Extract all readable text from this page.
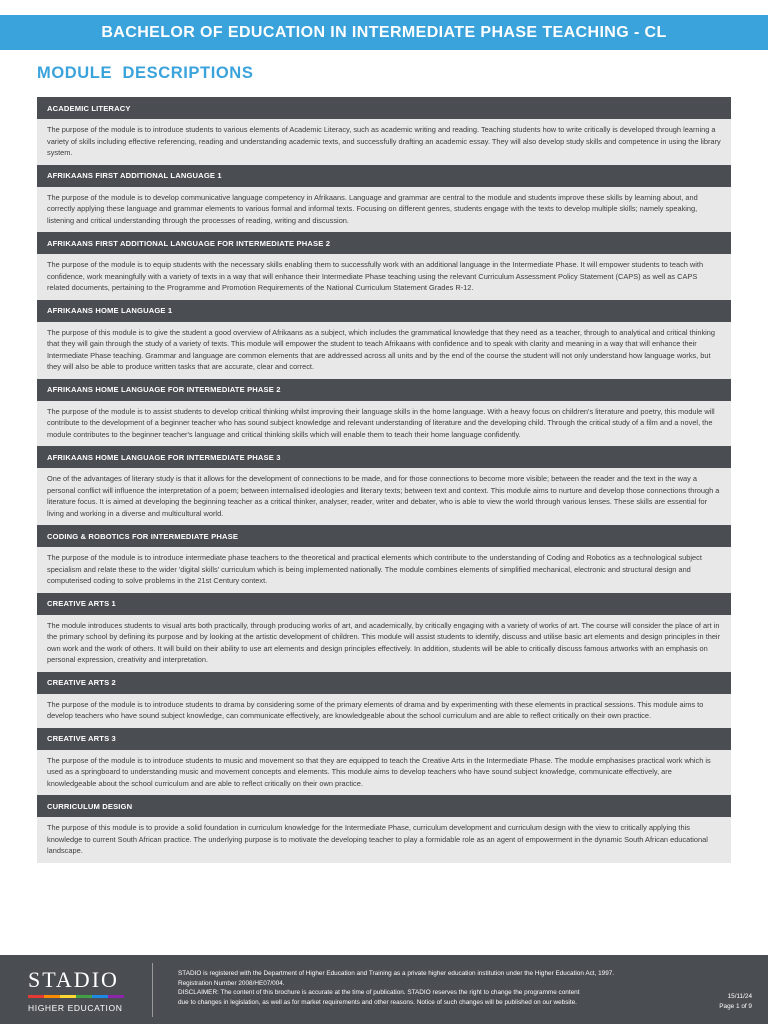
BACHELOR OF EDUCATION IN INTERMEDIATE PHASE TEACHING - CL
MODULE  DESCRIPTIONS
ACADEMIC LITERACY
The purpose of the module is to introduce students to various elements of Academic Literacy, such as academic writing and reading. Teaching students how to write critically is developed through learning a variety of skills including effective referencing, reading and understanding academic texts, and successfully drafting an academic essay. They will also develop study skills and competence in using the library system.
AFRIKAANS FIRST ADDITIONAL LANGUAGE 1
The purpose of the module is to develop communicative language competency in Afrikaans. Language and grammar are central to the module and students improve these skills by learning about, and correctly applying these language and grammar elements to various formal and informal texts. Focusing on different genres, students engage with the texts to develop multiple skills; namely speaking, listening and critical understanding through the processes of reading, writing and discussion.
AFRIKAANS FIRST ADDITIONAL LANGUAGE FOR INTERMEDIATE PHASE 2
The purpose of the module is to equip students with the necessary skills enabling them to successfully work with an additional language in the Intermediate Phase. It will empower students to teach with confidence, work meaningfully with a variety of texts in a way that will enhance their Intermediate Phase teaching using the relevant Curriculum Assessment Policy Statement (CAPS) as well as CAPS related documents, pertaining to the Programme and Promotion Requirements of the National Curriculum Statement Grades R-12.
AFRIKAANS HOME LANGUAGE 1
The purpose of this module is to give the student a good overview of Afrikaans as a subject, which includes the grammatical knowledge that they need as a teacher, through to analytical and critical thinking that they will gain through the study of a variety of texts. This module will empower the student to teach Afrikaans with confidence and to speak with clarity and meaning in a way that will enhance their Intermediate Phase teaching. Grammar and language are common elements that are addressed across all units and by the end of the course the student will not only understand how language works, but they will also be able to produce written tasks that are accurate, clear and correct.
AFRIKAANS HOME LANGUAGE FOR INTERMEDIATE PHASE 2
The purpose of the module is to assist students to develop critical thinking whilst improving their language skills in the home language. With a heavy focus on children's literature and poetry, this module will contribute to the development of a beginner teacher who has sound subject knowledge and relevant understanding of literature and the developing child. Through the critical study of a film and a novel, the module contributes to the beginner teacher's language and critical thinking skills which will enable them to teach their home language confidently.
AFRIKAANS HOME LANGUAGE FOR INTERMEDIATE PHASE 3
One of the advantages of literary study is that it allows for the development of connections to be made, and for those connections to become more visible; between the reader and the text in the way a personal conflict will influence the interpretation of a poem; between internalised ideologies and literary texts; between text and context. This module aims to nurture and develop those connections through a literature focus. It is aimed at developing the beginning teacher as a critical thinker, analyser, reader, writer and debater, who is able to view the world through various lenses. These skills are essential for living and working in a diverse and multicultural world.
CODING & ROBOTICS FOR INTERMEDIATE PHASE
The purpose of the module is to introduce intermediate phase teachers to the theoretical and practical elements which contribute to the understanding of Coding and Robotics as a technological subject specialism and relate these to the wider 'digital skills' curriculum which is being implemented nationally. The module combines elements of simplified mechanical, electronic and structural design and computerised coding to solve problems in the 21st Century context.
CREATIVE ARTS 1
The module introduces students to visual arts both practically, through producing works of art, and academically, by critically engaging with a variety of works of art. The course will consider the place of art in the primary school by defining its purpose and by looking at the artistic development of children. This module will assist students to identify, discuss and utilise basic art elements and design principles in their own work and the work of others. It will build on their ability to use art elements and design principles effectively. In addition, students will be able to critically discuss famous artworks with an emphasis on personal expression, creativity and interpretation.
CREATIVE ARTS 2
The purpose of the module is to introduce students to drama by considering some of the primary elements of drama and by experimenting with these elements in practical sessions. This module aims to develop teachers who have sound subject knowledge, can communicate effectively, are knowledgeable about the school curriculum and are able to reflect critically on their own practice.
CREATIVE ARTS 3
The purpose of the module is to introduce students to music and movement so that they are equipped to teach the Creative Arts in the Intermediate Phase. The module emphasises practical work which is used as a springboard to understanding music and movement concepts and elements. This module aims to develop teachers who have sound subject knowledge, communicate effectively, are knowledgeable about the school curriculum and are able to reflect critically on their own practice.
CURRICULUM DESIGN
The purpose of this module is to provide a solid foundation in curriculum knowledge for the Intermediate Phase, curriculum development and curriculum design with the view to critically applying this knowledge to current South African practice. The underlying purpose is to motivate the developing teacher to play a formidable role as an agent of empowerment in the dynamic South African educational landscape.
STADIO
HIGHER EDUCATION
STADIO is registered with the Department of Higher Education and Training as a private higher education institution under the Higher Education Act, 1997.
Registration Number 2008/HE07/004.
DISCLAIMER: The content of this brochure is accurate at the time of publication. STADIO reserves the right to change the programme content
due to changes in legislation, as well as for market requirements and other reasons. Notice of such changes will be published on our website.
15/11/24
Page 1 of 9
